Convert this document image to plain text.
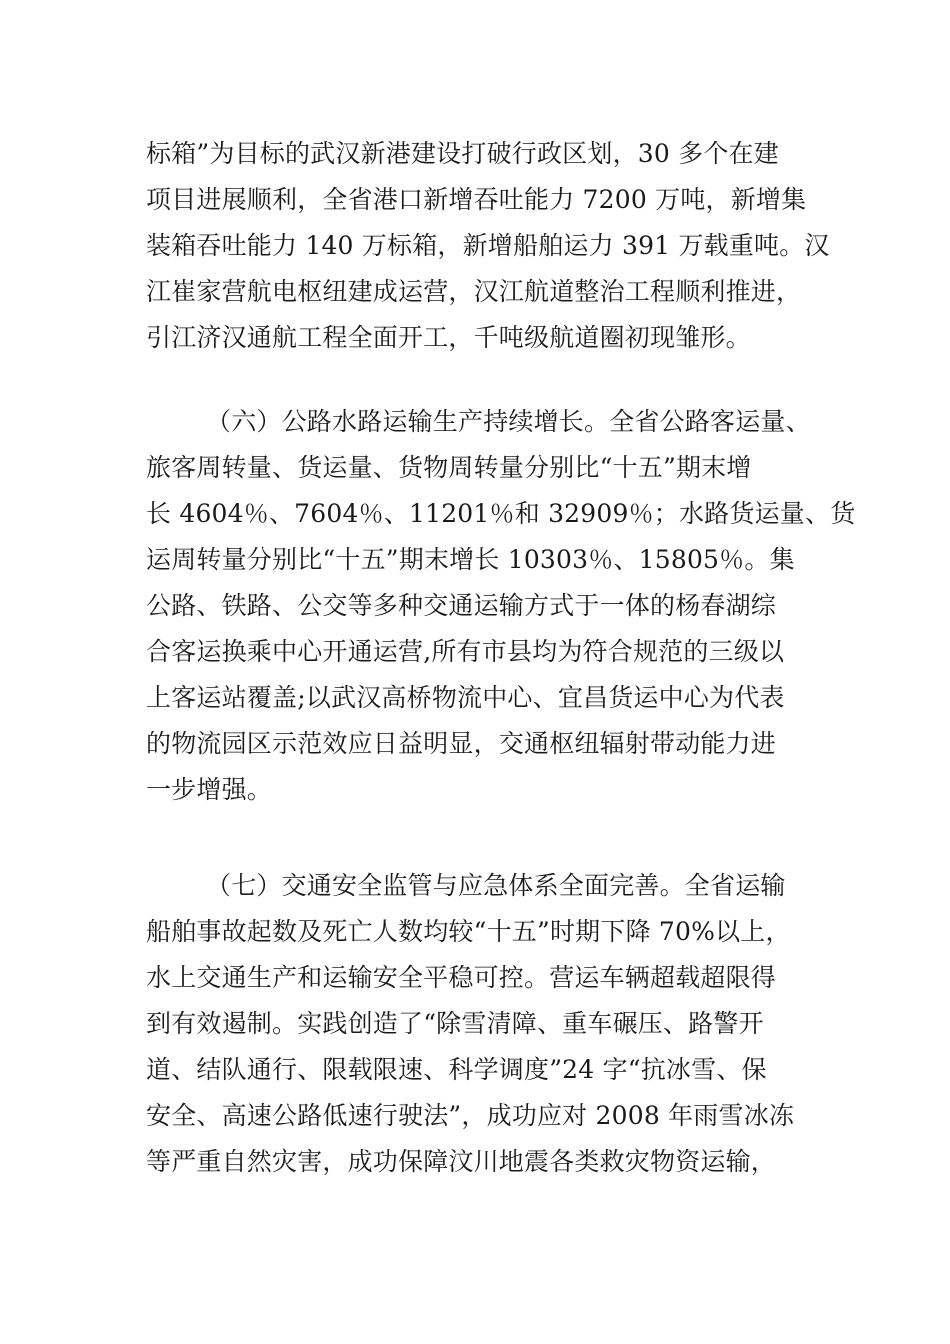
标箱”为目标的武汉新港建设打破行政区划，30 多个在建
项目进展顺利，全省港口新增吞吐能力 7200 万吨，新增集
装箱吞吐能力 140 万标箱，新增船舶运力 391 万载重吨。汉
江崔家营航电枢纽建成运营，汉江航道整治工程顺利推进，
引江济汉通航工程全面开工，千吨级航道圈初现雏形。
（六）公路水路运输生产持续增长。全省公路客运量、
旅客周转量、货运量、货物周转量分别比“十五”期末增
长 4604％、7604％、11201％和 32909％；水路货运量、货
运周转量分别比“十五”期末增长 10303％、15805％。集
公路、铁路、公交等多种交通运输方式于一体的杨春湖综
合客运换乘中心开通运营,所有市县均为符合规范的三级以
上客运站覆盖;以武汉高桥物流中心、宜昌货运中心为代表
的物流园区示范效应日益明显，交通枢纽辐射带动能力进
一步增强。
（七）交通安全监管与应急体系全面完善。全省运输
船舶事故起数及死亡人数均较“十五”时期下降 70%以上，
水上交通生产和运输安全平稳可控。营运车辆超载超限得
到有效遏制。实践创造了“除雪清障、重车碾压、路警开
道、结队通行、限载限速、科学调度”24 字“抗冰雪、保
安全、高速公路低速行驶法”，成功应对 2008 年雨雪冰冻
等严重自然灾害，成功保障汶川地震各类救灾物资运输，
